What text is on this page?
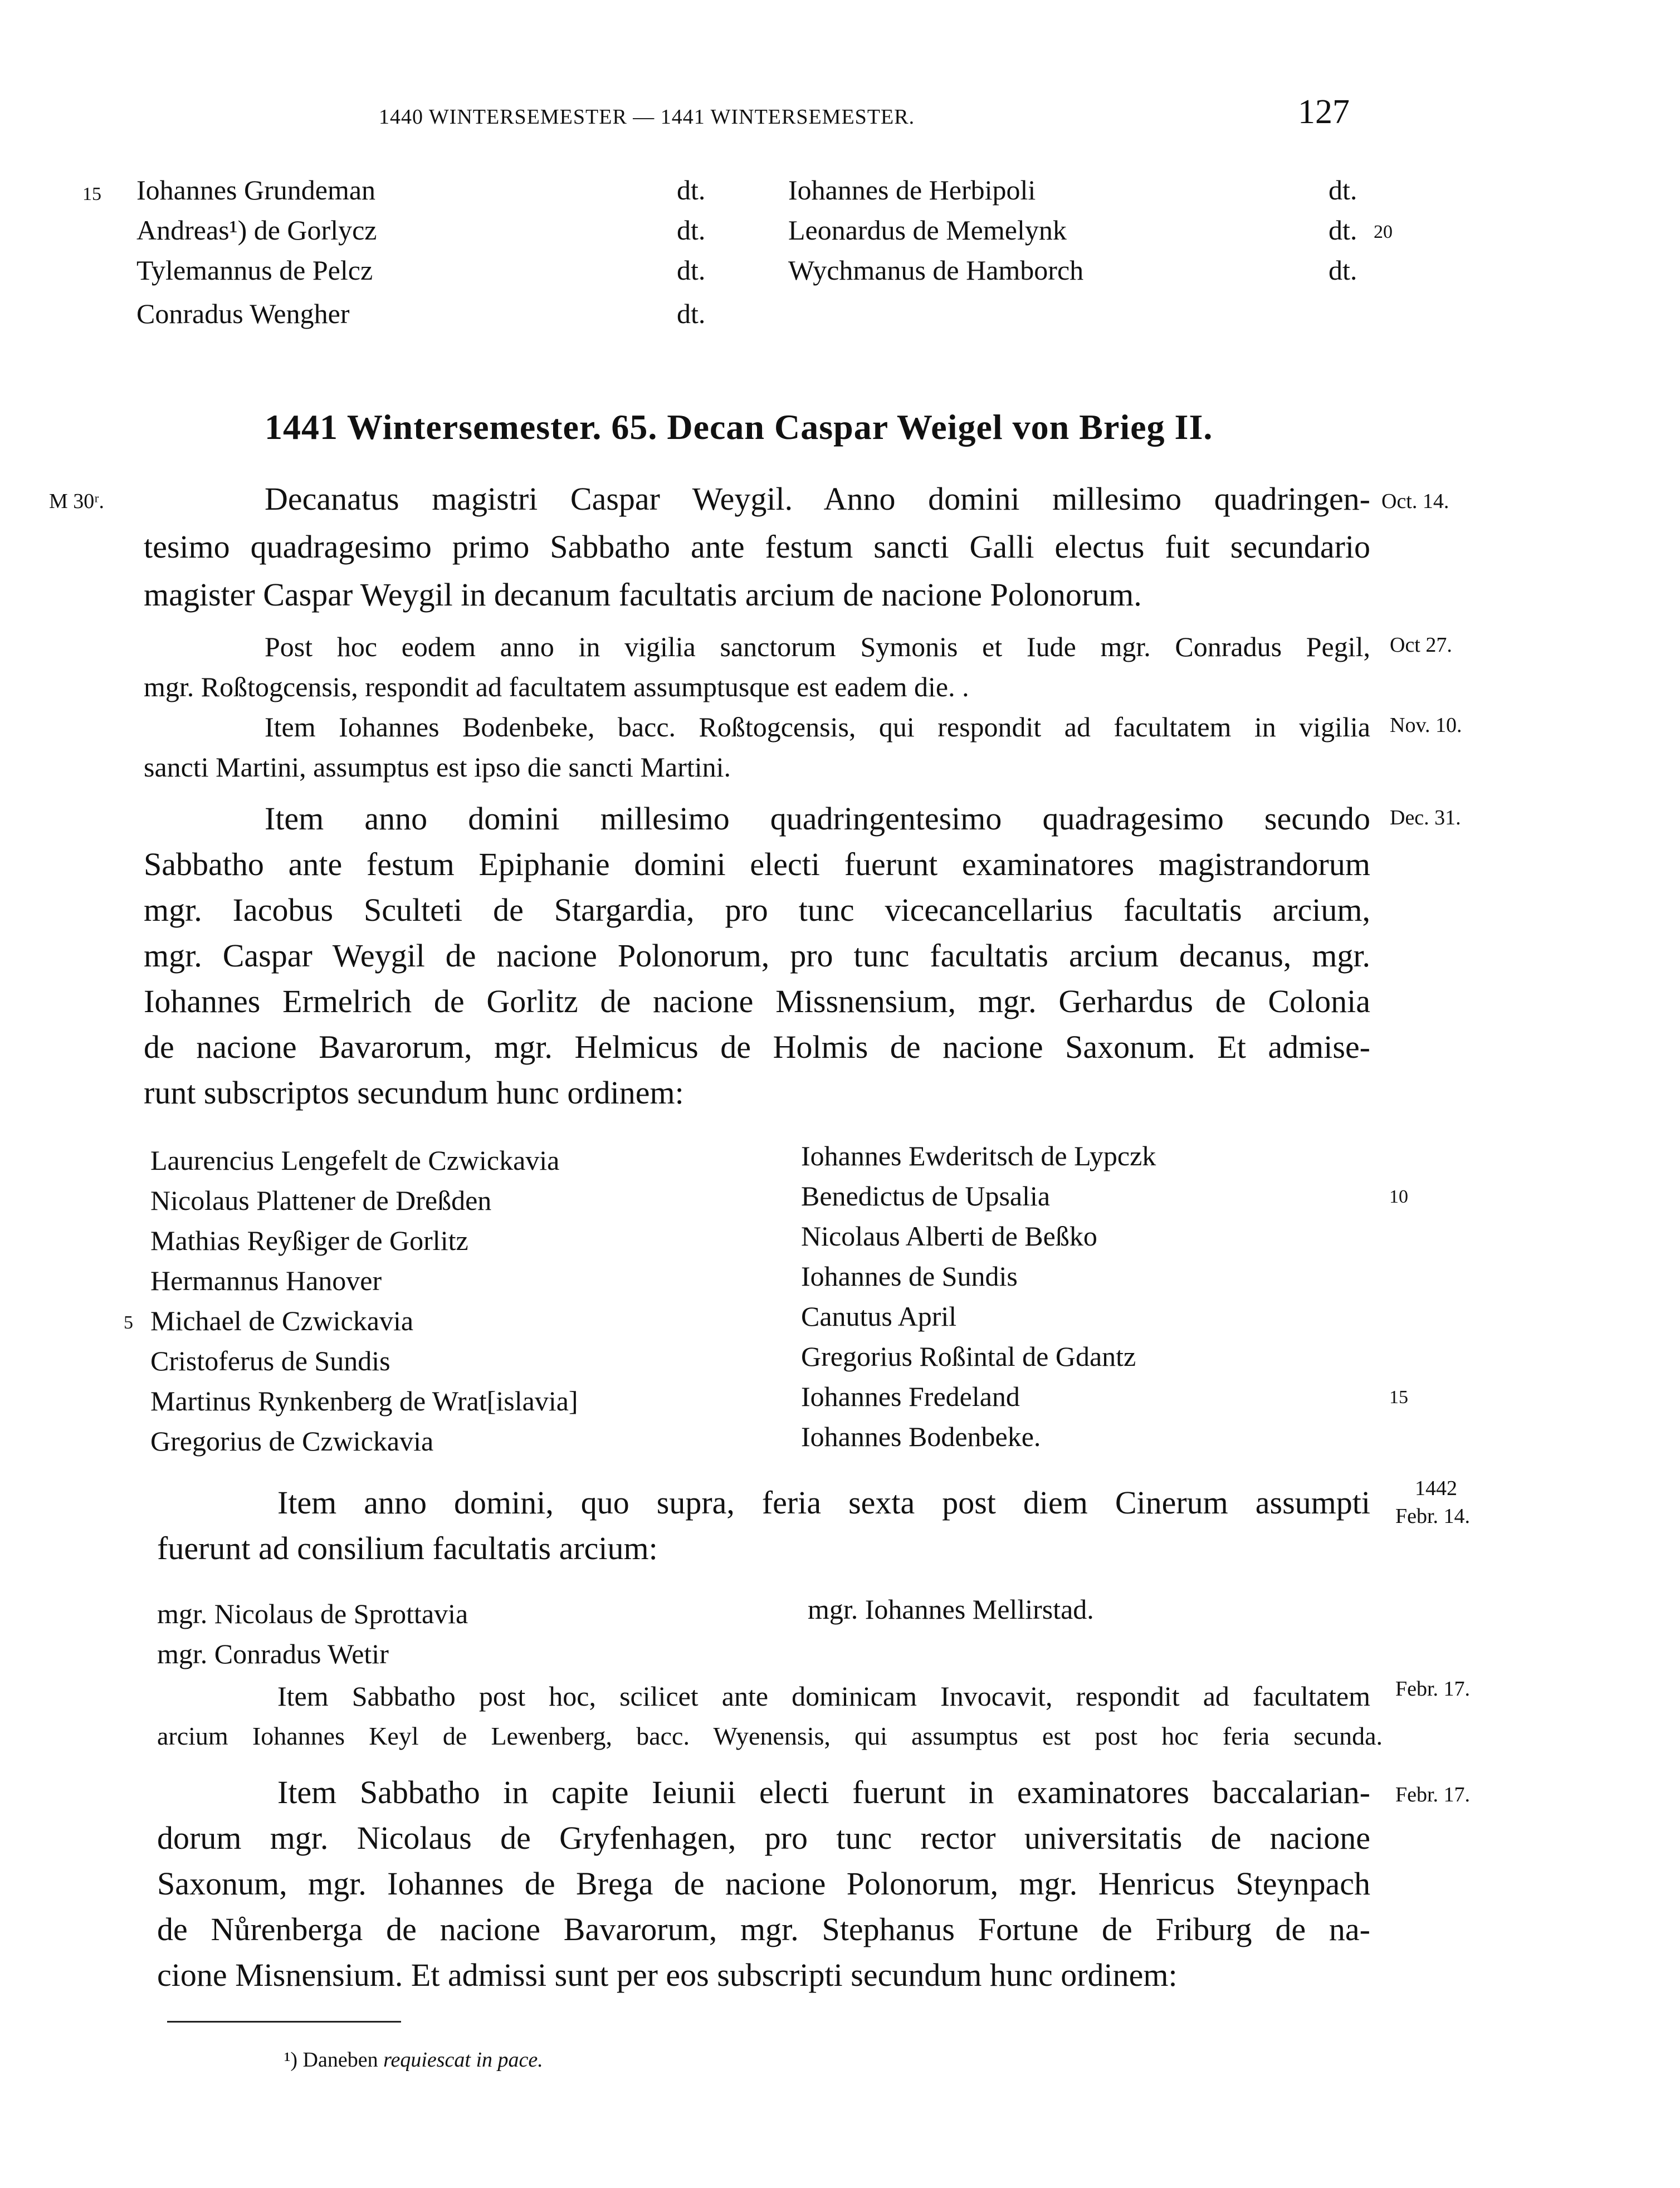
1440 WINTERSEMESTER — 1441 WINTERSEMESTER.	127
15 Iohannes Grundeman	dt.
Andreas¹) de Gorlycz	dt.
Tylemannus de Pelcz	dt.
Conradus Wengher	dt.
Iohannes de Herbipoli	dt.
Leonardus de Memelynk	dt. 20
Wychmanus de Hamborch	dt.
1441 Wintersemester. 65. Decan Caspar Weigel von Brieg II.
M 30ʳ.	Oct. 14.
Oct 27.
Nov. 10.
Dec. 31.
1442
Febr. 14.
Febr. 17.
Febr. 17.
Decanatus magistri Caspar Weygil. Anno domini millesimo quadringen-
tesimo quadragesimo primo Sabbatho ante festum sancti Galli electus fuit secundario
magister Caspar Weygil in decanum facultatis arcium de nacione Polonorum.
Post hoc eodem anno in vigilia sanctorum Symonis et Iude mgr. Conradus Pegil,
mgr. Roßtogcensis, respondit ad facultatem assumptusque est eadem die. .
Item Iohannes Bodenbeke, bacc. Roßtogcensis, qui respondit ad facultatem in vigilia
sancti Martini, assumptus est ipso die sancti Martini.
Item anno domini millesimo quadringentesimo quadragesimo secundo
Sabbatho ante festum Epiphanie domini electi fuerunt examinatores magistrandorum
mgr. Iacobus Sculteti de Stargardia, pro tunc vicecancellarius facultatis arcium,
mgr. Caspar Weygil de nacione Polonorum, pro tunc facultatis arcium decanus, mgr.
Iohannes Ermelrich de Gorlitz de nacione Missnensium, mgr. Gerhardus de Colonia
de nacione Bavarorum, mgr. Helmicus de Holmis de nacione Saxonum. Et admise-
runt subscriptos secundum hunc ordinem:
Laurencius Lengefelt de Czwickavia
Nicolaus Plattener de Dreßden
Mathias Reyßiger de Gorlitz
Hermannus Hanover
5 Michael de Czwickavia
Cristoferus de Sundis
Martinus Rynkenberg de Wrat[islavia]
Gregorius de Czwickavia
Iohannes Ewderitsch de Lypczk
Benedictus de Upsalia	10
Nicolaus Alberti de Beßko
Iohannes de Sundis
Canutus April
Gregorius Roßintal de Gdantz
Iohannes Fredeland	15
Iohannes Bodenbeke.
Item anno domini, quo supra, feria sexta post diem Cinerum assumpti
fuerunt ad consilium facultatis arcium:
mgr. Nicolaus de Sprottavia
mgr. Conradus Wetir
mgr. Iohannes Mellirstad.
Item Sabbatho post hoc, scilicet ante dominicam Invocavit, respondit ad facultatem
arcium Iohannes Keyl de Lewenberg, bacc. Wyenensis, qui assumptus est post hoc feria secunda.
Item Sabbatho in capite Ieiunii electi fuerunt in examinatores baccalarian-
dorum mgr. Nicolaus de Gryfenhagen, pro tunc rector universitatis de nacione
Saxonum, mgr. Iohannes de Brega de nacione Polonorum, mgr. Henricus Steynpach
de Nůrenberga de nacione Bavarorum, mgr. Stephanus Fortune de Friburg de na-
cione Misnensium. Et admissi sunt per eos subscripti secundum hunc ordinem:
¹) Daneben requiescat in pace.
